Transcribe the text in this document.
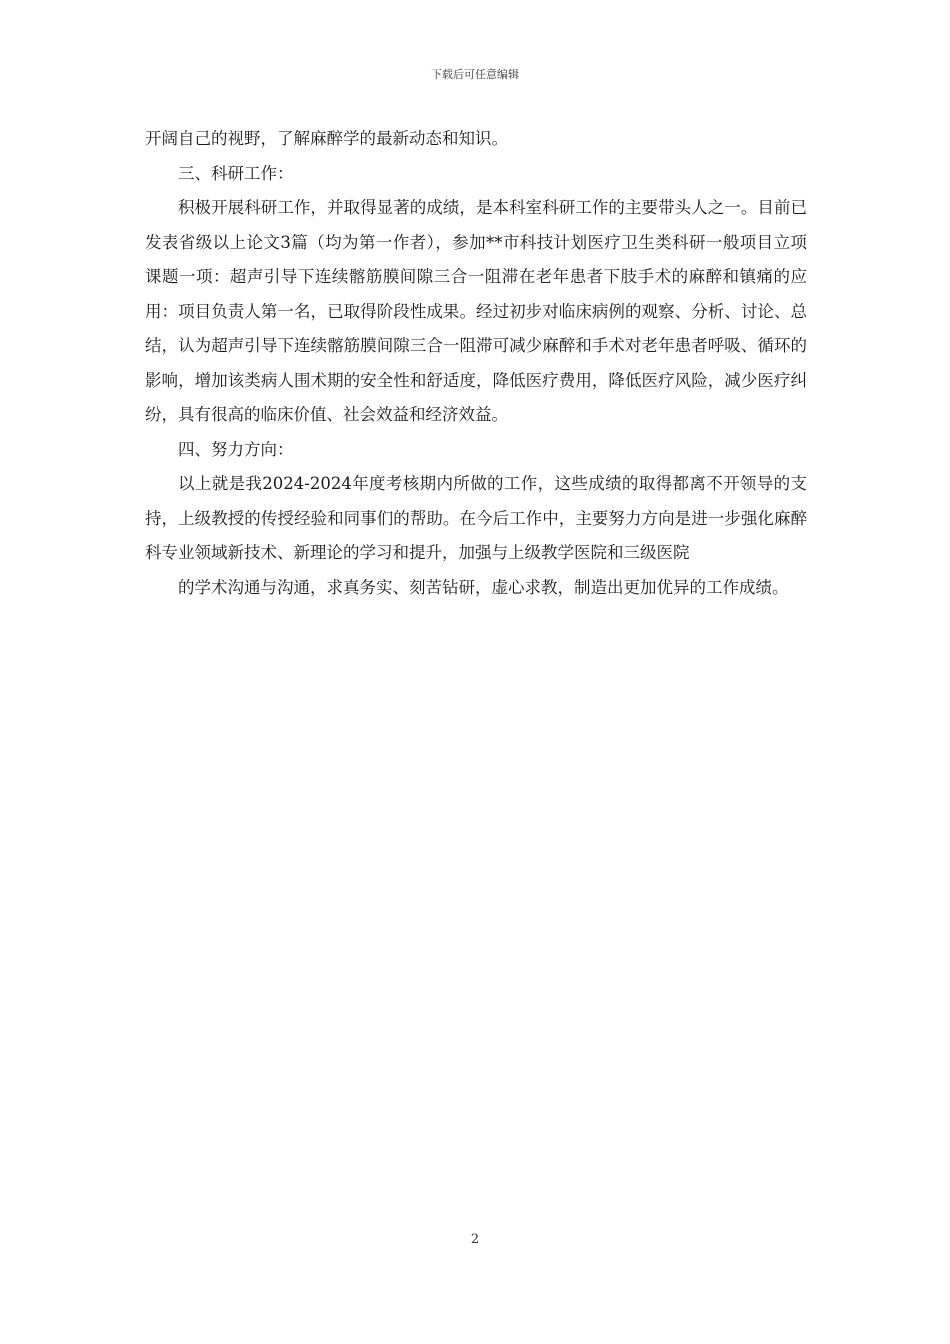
下载后可任意编辑

开阔自己的视野，了解麻醉学的最新动态和知识。

三、科研工作：

积极开展科研工作，并取得显著的成绩，是本科室科研工作的主要带头人之一。目前已发表省级以上论文3篇（均为第一作者），参加**市科技计划医疗卫生类科研一般项目立项课题一项：超声引导下连续髂筋膜间隙三合一阻滞在老年患者下肢手术的麻醉和镇痛的应用：项目负责人第一名，已取得阶段性成果。经过初步对临床病例的观察、分析、讨论、总结，认为超声引导下连续髂筋膜间隙三合一阻滞可减少麻醉和手术对老年患者呼吸、循环的影响，增加该类病人围术期的安全性和舒适度，降低医疗费用，降低医疗风险，减少医疗纠纷，具有很高的临床价值、社会效益和经济效益。

四、努力方向：

以上就是我2024-2024年度考核期内所做的工作，这些成绩的取得都离不开领导的支持，上级教授的传授经验和同事们的帮助。在今后工作中，主要努力方向是进一步强化麻醉科专业领域新技术、新理论的学习和提升，加强与上级教学医院和三级医院

的学术沟通与沟通，求真务实、刻苦钻研，虚心求教，制造出更加优异的工作成绩。

2
